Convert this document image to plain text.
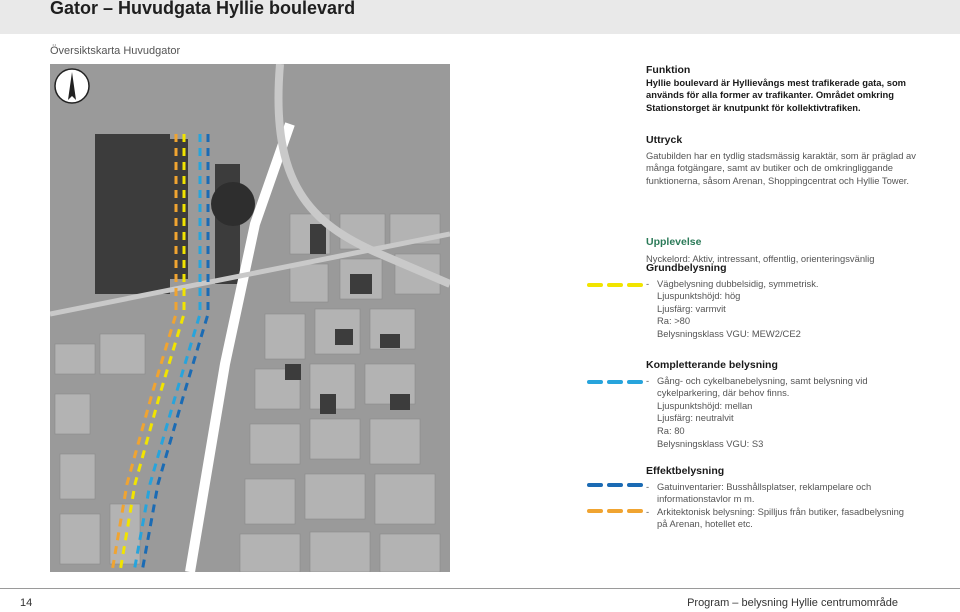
Gator – Huvudgata Hyllie boulevard
Översiktskarta Huvudgator
Funktion
Hyllie boulevard är Hyllievångs mest trafikerade gata, som används för alla former av trafikanter. Området omkring Stationstorget är knutpunkt för kollektivtrafiken.
Uttryck
Gatubilden har en tydlig stadsmässig karaktär, som är präglad av många fotgängare, samt av butiker och de omkringliggande funktionerna, såsom Arenan, Shoppingcentrat och Hyllie Tower.
Upplevelse
Nyckelord: Aktiv, intressant, offentlig, orienteringsvänlig
Grundbelysning
- Vägbelysning dubbelsidig, symmetrisk.
Ljuspunktshöjd: hög
Ljusfärg: varmvit
Ra: >80
Belysningsklass VGU: MEW2/CE2
Kompletterande belysning
- Gång- och cykelbanebelysning, samt belysning vid cykelparkering, där behov finns.
Ljuspunktshöjd: mellan
Ljusfärg: neutralvit
Ra: 80
Belysningsklass VGU: S3
Effektbelysning
- Gatuinventarier: Busshållsplatser, reklampelare och informationstavlor m m.
- Arkitektonisk belysning: Spilljus från butiker, fasadbelysning på Arenan, hotellet etc.
14	Program – belysning Hyllie centrumområde
